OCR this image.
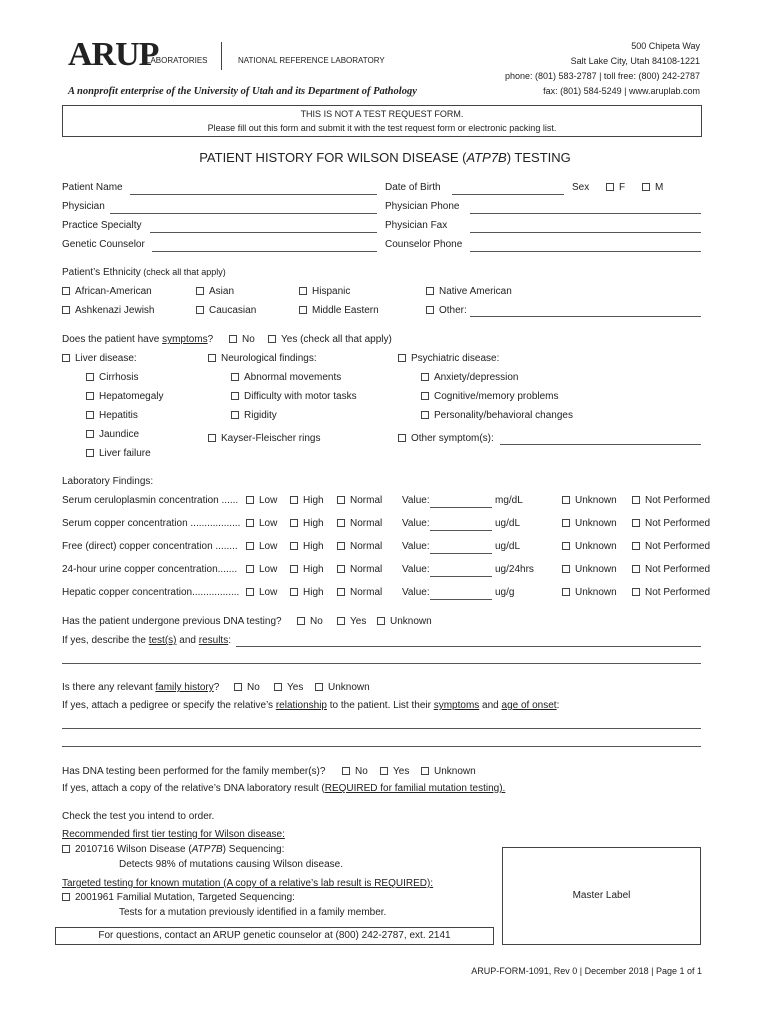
ARUP
LABORATORIES	NATIONAL REFERENCE LABORATORY
A nonprofit enterprise of the University of Utah and its Department of Pathology
500 Chipeta Way
Salt Lake City, Utah 84108-1221
phone: (801) 583-2787 | toll free: (800) 242-2787
fax: (801) 584-5249 | www.aruplab.com
THIS IS NOT A TEST REQUEST FORM.
Please fill out this form and submit it with the test request form or electronic packing list.
PATIENT HISTORY FOR WILSON DISEASE (ATP7B) TESTING
Patient Name	Date of Birth	Sex	F	M
Physician	Physician Phone
Practice Specialty	Physician Fax
Genetic Counselor	Counselor Phone
Patient’s Ethnicity (check all that apply)
African-American	Asian	Hispanic	Native American
Ashkenazi Jewish	Caucasian	Middle Eastern	Other:
Does the patient have symptoms?	No	Yes (check all that apply)
Liver disease:
Cirrhosis
Hepatomegaly
Hepatitis
Jaundice
Liver failure
Neurological findings:
Abnormal movements
Difficulty with motor tasks
Rigidity
Kayser-Fleischer rings
Psychiatric disease:
Anxiety/depression
Cognitive/memory problems
Personality/behavioral changes
Other symptom(s):
Laboratory Findings:
Serum ceruloplasmin concentration ......	Low	High	Normal Value:	mg/dL	Unknown	Not Performed
Serum copper concentration ..................	Low	High	Normal Value:	ug/dL	Unknown	Not Performed
Free (direct) copper concentration ........	Low	High	Normal Value:	ug/dL	Unknown	Not Performed
24-hour urine copper concentration.......	Low	High	Normal Value:	ug/24hrs	Unknown	Not Performed
Hepatic copper concentration.................	Low	High	Normal Value:	ug/g	Unknown	Not Performed
Has the patient undergone previous DNA testing?	No	Yes	Unknown
If yes, describe the test(s) and results:
Is there any relevant family history?	No	Yes	Unknown
If yes, attach a pedigree or specify the relative’s relationship to the patient. List their symptoms and age of onset:
Has DNA testing been performed for the family member(s)?	No	Yes	Unknown
If yes, attach a copy of the relative’s DNA laboratory result (REQUIRED for familial mutation testing).
Check the test you intend to order.
Recommended first tier testing for Wilson disease:
2010716 Wilson Disease (ATP7B) Sequencing:
Detects 98% of mutations causing Wilson disease.
Targeted testing for known mutation (A copy of a relative’s lab result is REQUIRED):
2001961 Familial Mutation, Targeted Sequencing:
Tests for a mutation previously identified in a family member.
Master Label
For questions, contact an ARUP genetic counselor at (800) 242-2787, ext. 2141
ARUP-FORM-1091, Rev 0 | December 2018 | Page 1 of 1
